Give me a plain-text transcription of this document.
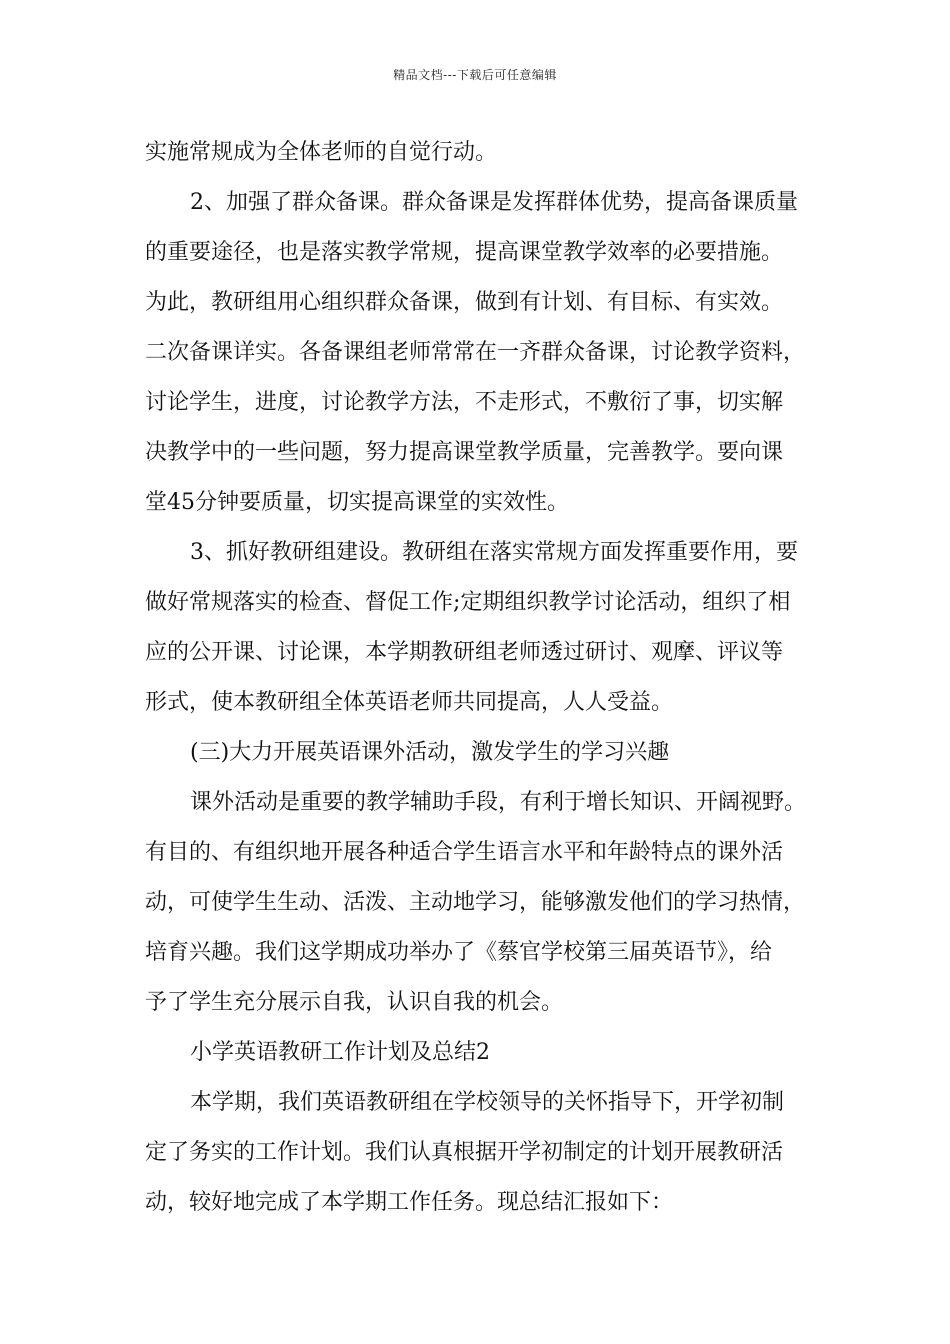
精品文档---下载后可任意编辑
实施常规成为全体老师的自觉行动。
2、加强了群众备课。群众备课是发挥群体优势，提高备课质量
的重要途径，也是落实教学常规，提高课堂教学效率的必要措施。
为此，教研组用心组织群众备课，做到有计划、有目标、有实效。
二次备课详实。各备课组老师常常在一齐群众备课，讨论教学资料，
讨论学生，进度，讨论教学方法，不走形式，不敷衍了事，切实解
决教学中的一些问题，努力提高课堂教学质量，完善教学。要向课
堂45分钟要质量，切实提高课堂的实效性。
3、抓好教研组建设。教研组在落实常规方面发挥重要作用，要
做好常规落实的检查、督促工作;定期组织教学讨论活动，组织了相
应的公开课、讨论课，本学期教研组老师透过研讨、观摩、评议等
形式，使本教研组全体英语老师共同提高，人人受益。
(三)大力开展英语课外活动，激发学生的学习兴趣
课外活动是重要的教学辅助手段，有利于增长知识、开阔视野。
有目的、有组织地开展各种适合学生语言水平和年龄特点的课外活
动，可使学生生动、活泼、主动地学习，能够激发他们的学习热情，
培育兴趣。我们这学期成功举办了《蔡官学校第三届英语节》，给
予了学生充分展示自我，认识自我的机会。
小学英语教研工作计划及总结2
本学期，我们英语教研组在学校领导的关怀指导下，开学初制
定了务实的工作计划。我们认真根据开学初制定的计划开展教研活
动，较好地完成了本学期工作任务。现总结汇报如下：
